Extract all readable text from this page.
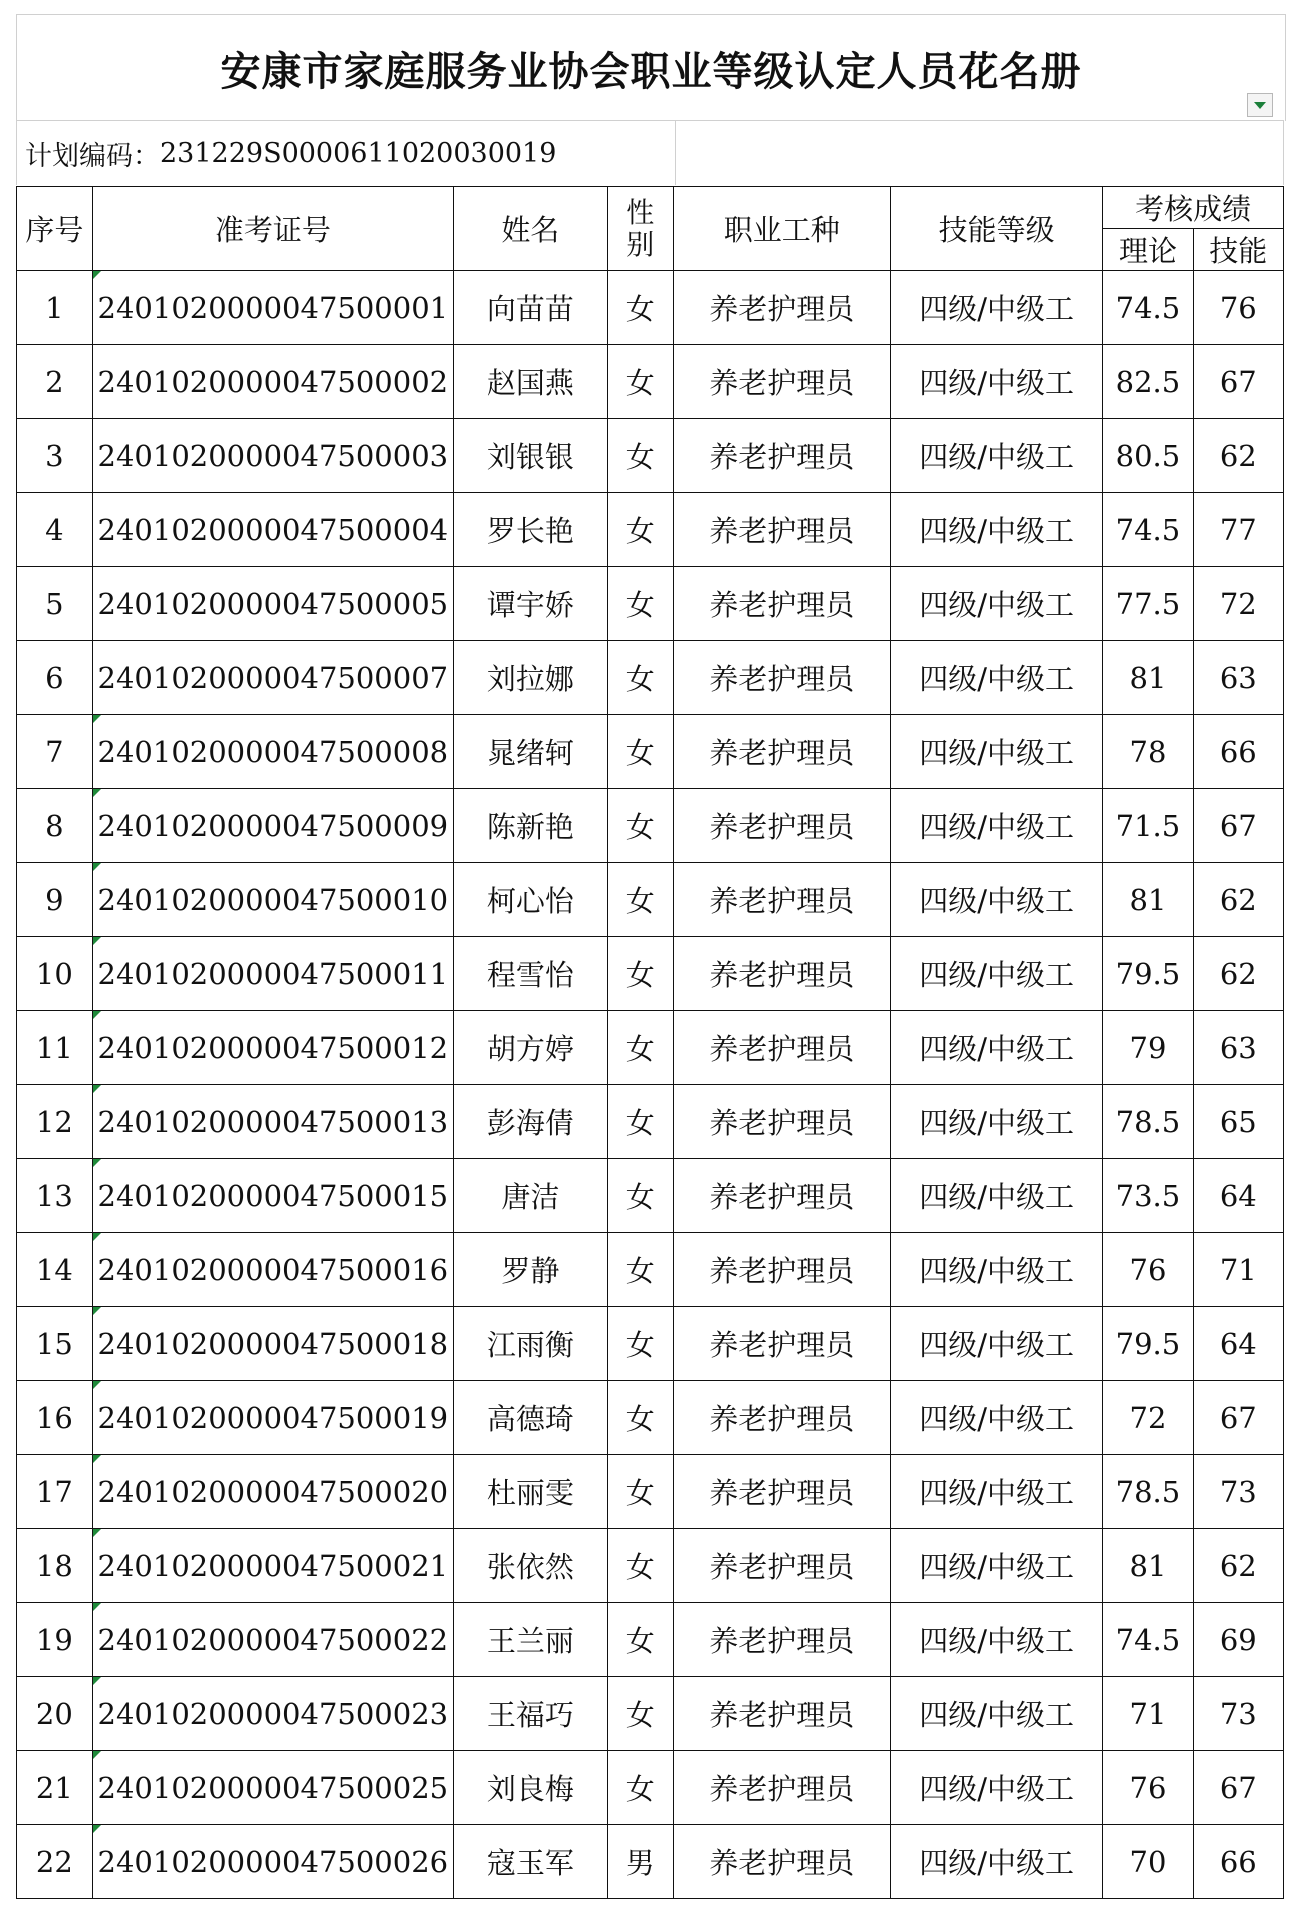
安康市家庭服务业协会职业等级认定人员花名册
计划编码： 231229S0000611020030019
序号	准考证号	姓名	性别	职业工种	技能等级	考核成绩	
						理论	技能
1	2401020000047500001	向苗苗	女	养老护理员	四级/中级工	74.5	76
2	2401020000047500002	赵国燕	女	养老护理员	四级/中级工	82.5	67
3	2401020000047500003	刘银银	女	养老护理员	四级/中级工	80.5	62
4	2401020000047500004	罗长艳	女	养老护理员	四级/中级工	74.5	77
5	2401020000047500005	谭宇娇	女	养老护理员	四级/中级工	77.5	72
6	2401020000047500007	刘拉娜	女	养老护理员	四级/中级工	81	63
7	2401020000047500008	晁绪轲	女	养老护理员	四级/中级工	78	66
8	2401020000047500009	陈新艳	女	养老护理员	四级/中级工	71.5	67
9	2401020000047500010	柯心怡	女	养老护理员	四级/中级工	81	62
10	2401020000047500011	程雪怡	女	养老护理员	四级/中级工	79.5	62
11	2401020000047500012	胡方婷	女	养老护理员	四级/中级工	79	63
12	2401020000047500013	彭海倩	女	养老护理员	四级/中级工	78.5	65
13	2401020000047500015	唐洁	女	养老护理员	四级/中级工	73.5	64
14	2401020000047500016	罗静	女	养老护理员	四级/中级工	76	71
15	2401020000047500018	江雨衡	女	养老护理员	四级/中级工	79.5	64
16	2401020000047500019	高德琦	女	养老护理员	四级/中级工	72	67
17	2401020000047500020	杜丽雯	女	养老护理员	四级/中级工	78.5	73
18	2401020000047500021	张依然	女	养老护理员	四级/中级工	81	62
19	2401020000047500022	王兰丽	女	养老护理员	四级/中级工	74.5	69
20	2401020000047500023	王福巧	女	养老护理员	四级/中级工	71	73
21	2401020000047500025	刘良梅	女	养老护理员	四级/中级工	76	67
22	2401020000047500026	寇玉军	男	养老护理员	四级/中级工	70	66
